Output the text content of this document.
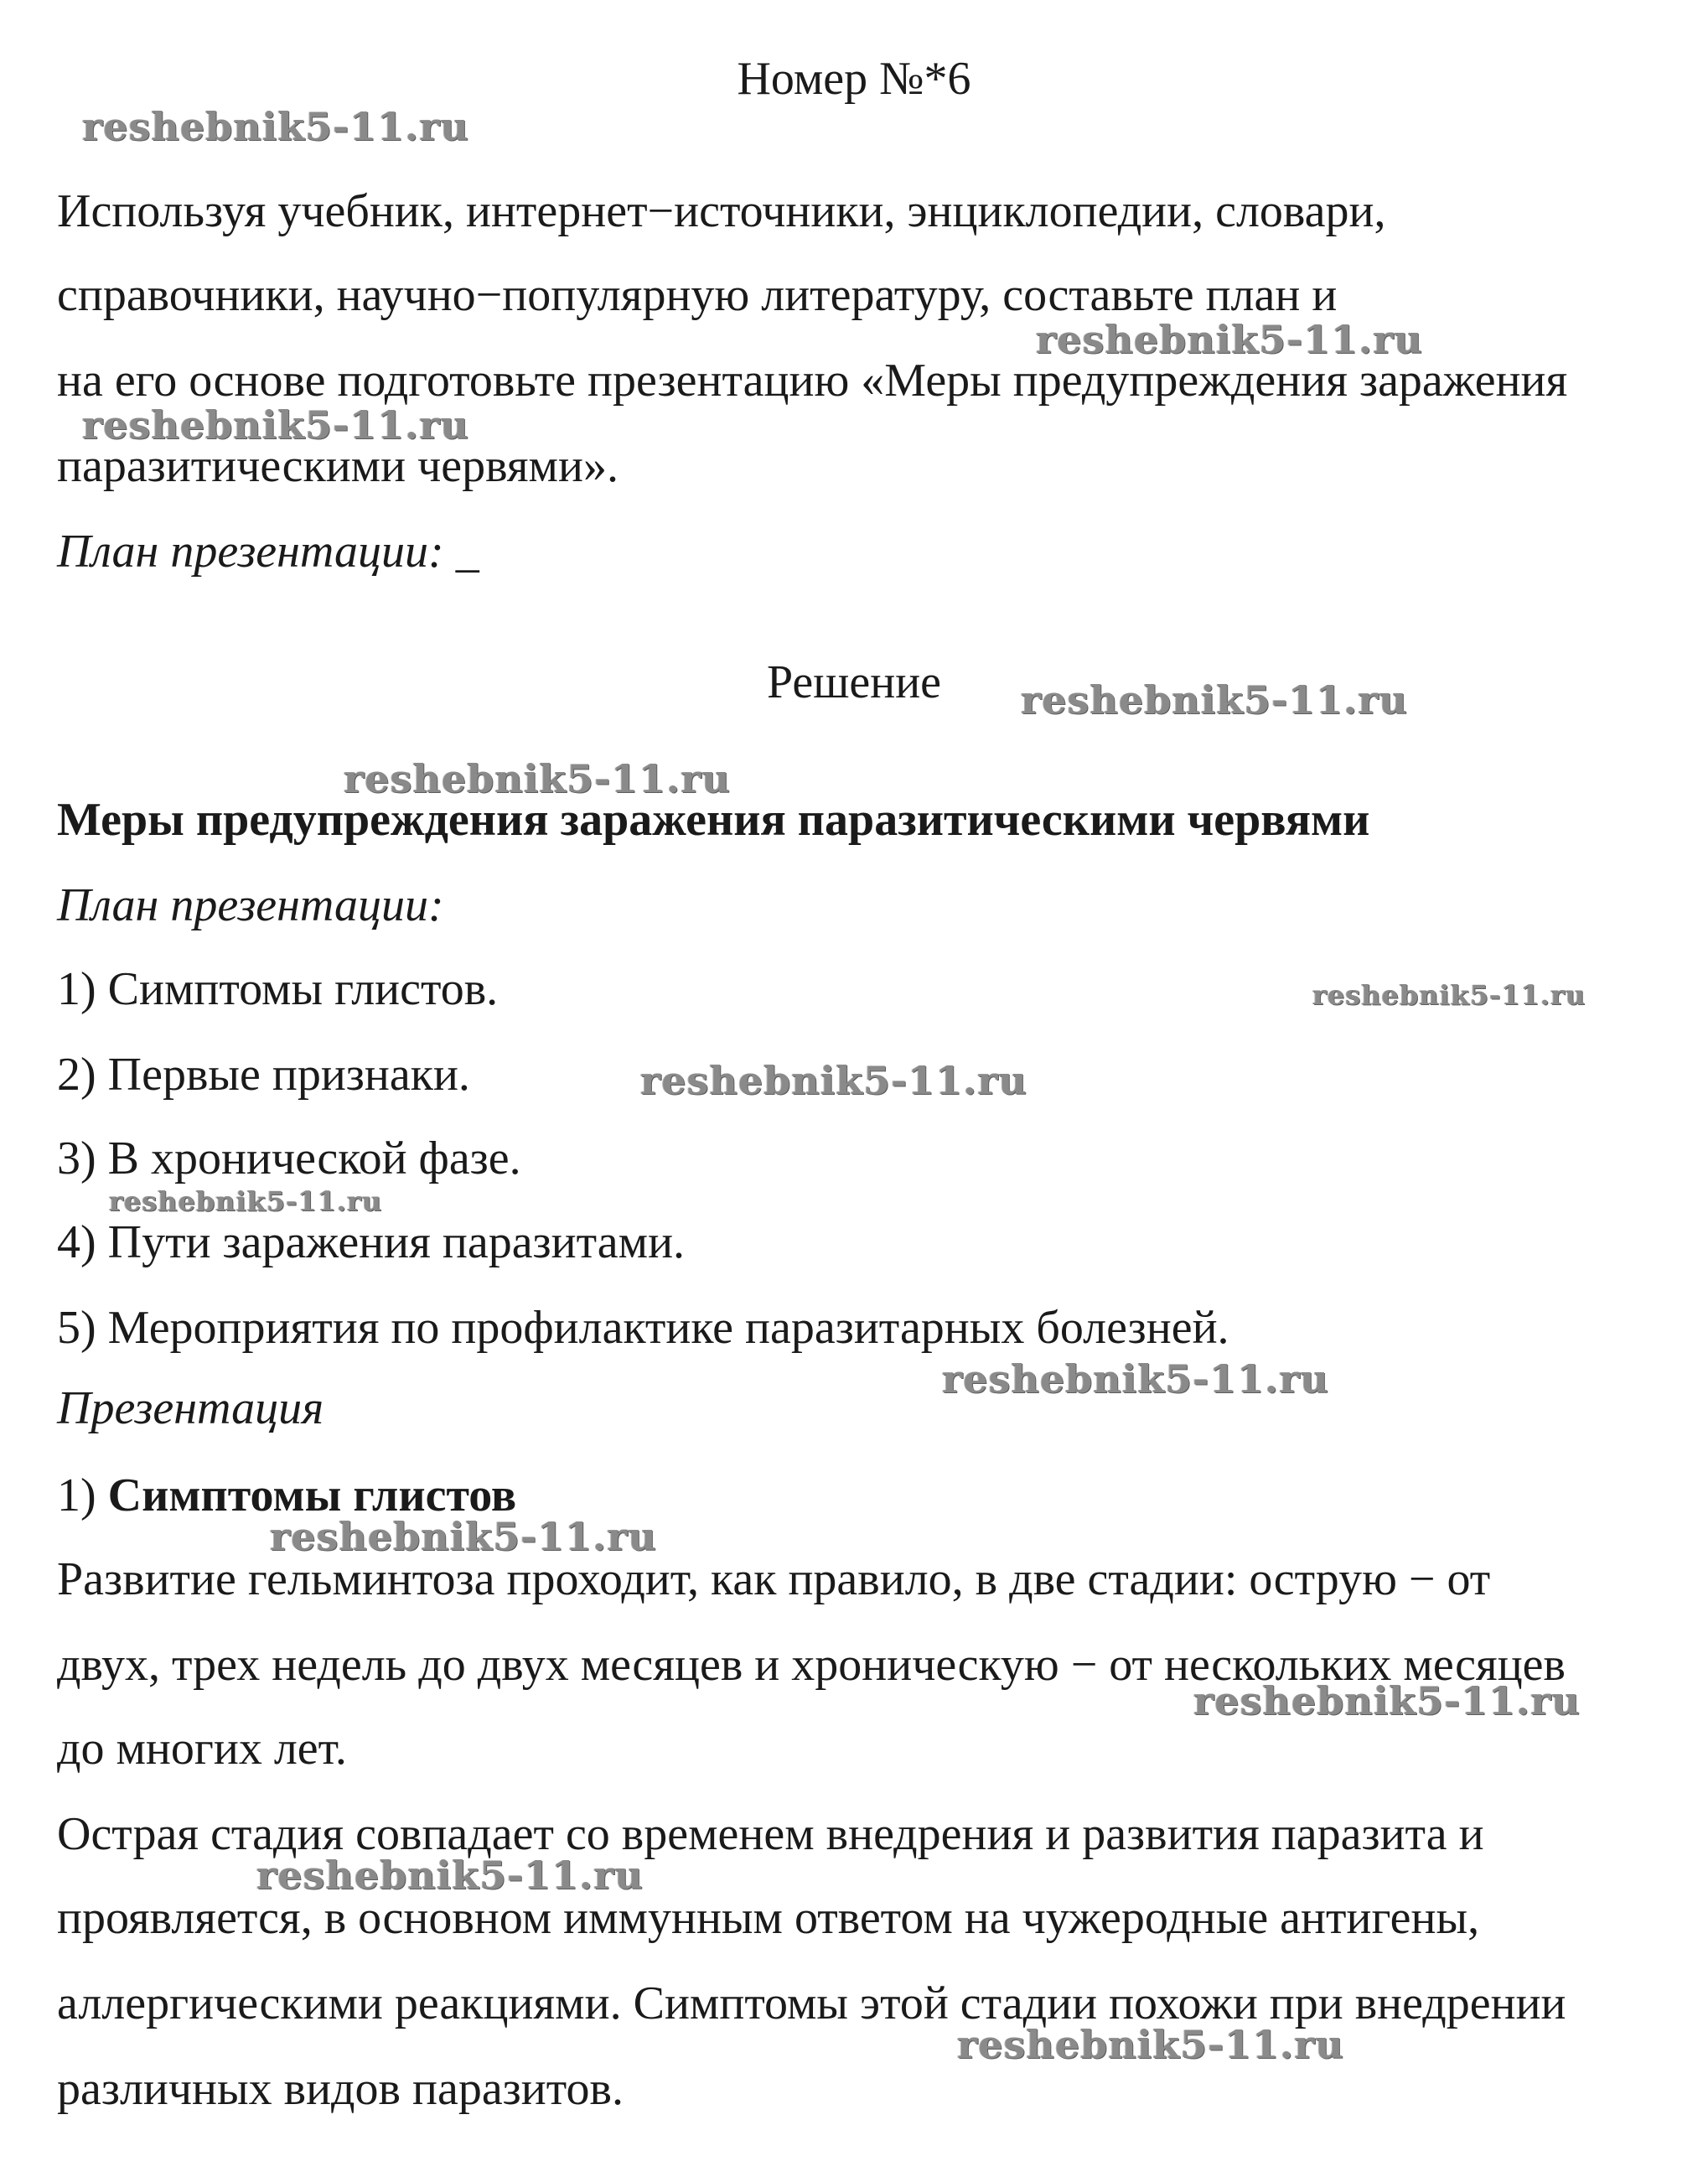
Номер №*6
Используя учебник, интернет−источники, энциклопедии, словари,
справочники, научно−популярную литературу, составьте план и
на его основе подготовьте презентацию «Меры предупреждения заражения
паразитическими червями».
План презентации: _
Решение
Меры предупреждения заражения паразитическими червями
План презентации:
1) Симптомы глистов.
2) Первые признаки.
3) В хронической фазе.
4) Пути заражения паразитами.
5) Мероприятия по профилактике паразитарных болезней.
Презентация
1) Симптомы глистов
Развитие гельминтоза проходит, как правило, в две стадии: острую − от
двух, трех недель до двух месяцев и хроническую − от нескольких месяцев
до многих лет.
Острая стадия совпадает со временем внедрения и развития паразита и
проявляется, в основном иммунным ответом на чужеродные антигены,
аллергическими реакциями. Симптомы этой стадии похожи при внедрении
различных видов паразитов.
reshebnik5-11.ru
reshebnik5-11.ru
reshebnik5-11.ru
reshebnik5-11.ru
reshebnik5-11.ru
reshebnik5-11.ru
reshebnik5-11.ru
reshebnik5-11.ru
reshebnik5-11.ru
reshebnik5-11.ru
reshebnik5-11.ru
reshebnik5-11.ru
reshebnik5-11.ru
